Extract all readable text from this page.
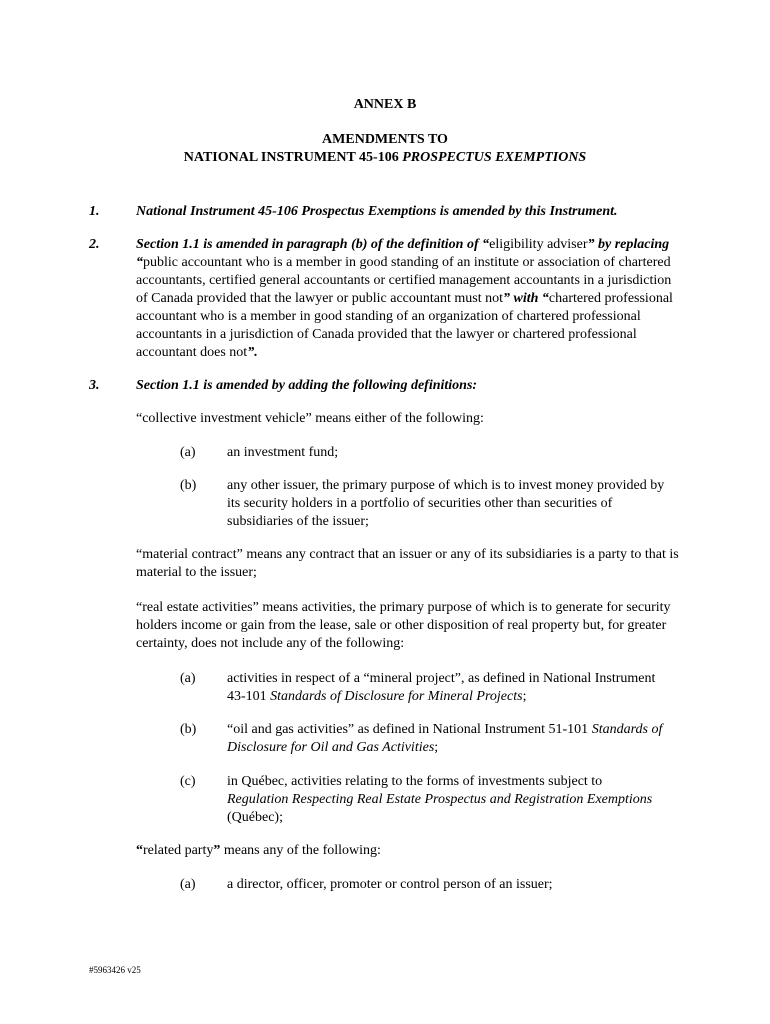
ANNEX B
AMENDMENTS TO
NATIONAL INSTRUMENT 45-106 PROSPECTUS EXEMPTIONS
1.	National Instrument 45-106 Prospectus Exemptions is amended by this Instrument.
2.	Section 1.1 is amended in paragraph (b) of the definition of “eligibility adviser” by replacing “public accountant who is a member in good standing of an institute or association of chartered accountants, certified general accountants or certified management accountants in a jurisdiction of Canada provided that the lawyer or public accountant must not” with “chartered professional accountant who is a member in good standing of an organization of chartered professional accountants in a jurisdiction of Canada provided that the lawyer or chartered professional accountant does not”.
3.	Section 1.1 is amended by adding the following definitions:
“collective investment vehicle” means either of the following:
(a) an investment fund;
(b) any other issuer, the primary purpose of which is to invest money provided by its security holders in a portfolio of securities other than securities of subsidiaries of the issuer;
“material contract” means any contract that an issuer or any of its subsidiaries is a party to that is material to the issuer;
“real estate activities” means activities, the primary purpose of which is to generate for security holders income or gain from the lease, sale or other disposition of real property but, for greater certainty, does not include any of the following:
(a) activities in respect of a “mineral project”, as defined in National Instrument 43-101 Standards of Disclosure for Mineral Projects;
(b) “oil and gas activities” as defined in National Instrument 51-101 Standards of Disclosure for Oil and Gas Activities;
(c) in Québec, activities relating to the forms of investments subject to Regulation Respecting Real Estate Prospectus and Registration Exemptions (Québec);
“related party” means any of the following:
(a) a director, officer, promoter or control person of an issuer;
#5963426 v25
